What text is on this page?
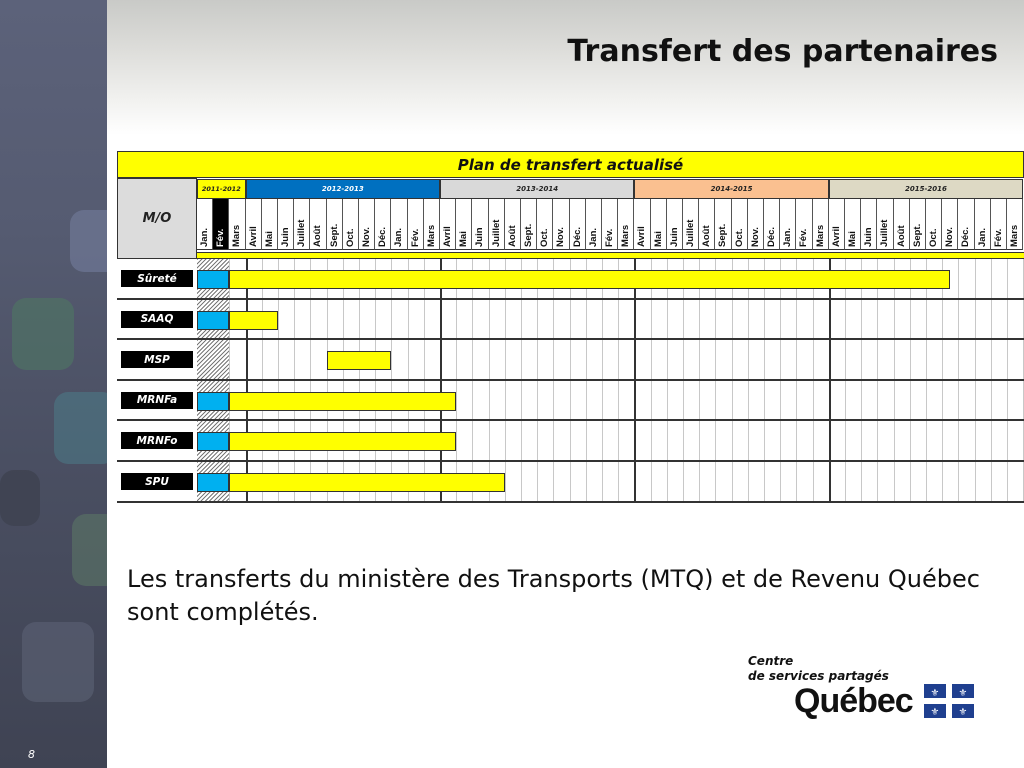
8
Transfert des partenaires
Plan de transfert actualisé
M/O
2011-2012	2012-2013	2013-2014	2014-2015	2015-2016
Jan. Fév. Mars Avril Mai Juin Juillet Août Sept. Oct. Nov. Déc. Jan. Fév. Mars Avril Mai Juin Juillet Août Sept. Oct. Nov. Déc. Jan. Fév. Mars Avril Mai Juin Juillet Août Sept. Oct. Nov. Déc. Jan. Fév. Mars Avril Mai Juin Juillet Août Sept. Oct. Nov. Déc. Jan. Fév. Mars
Sûreté
SAAQ
MSP
MRNFa
MRNFo
SPU
Les transferts du ministère des Transports (MTQ) et de Revenu Québec sont complétés.
Centre
de services partagés
Québec ⚜ ⚜
⚜ ⚜
